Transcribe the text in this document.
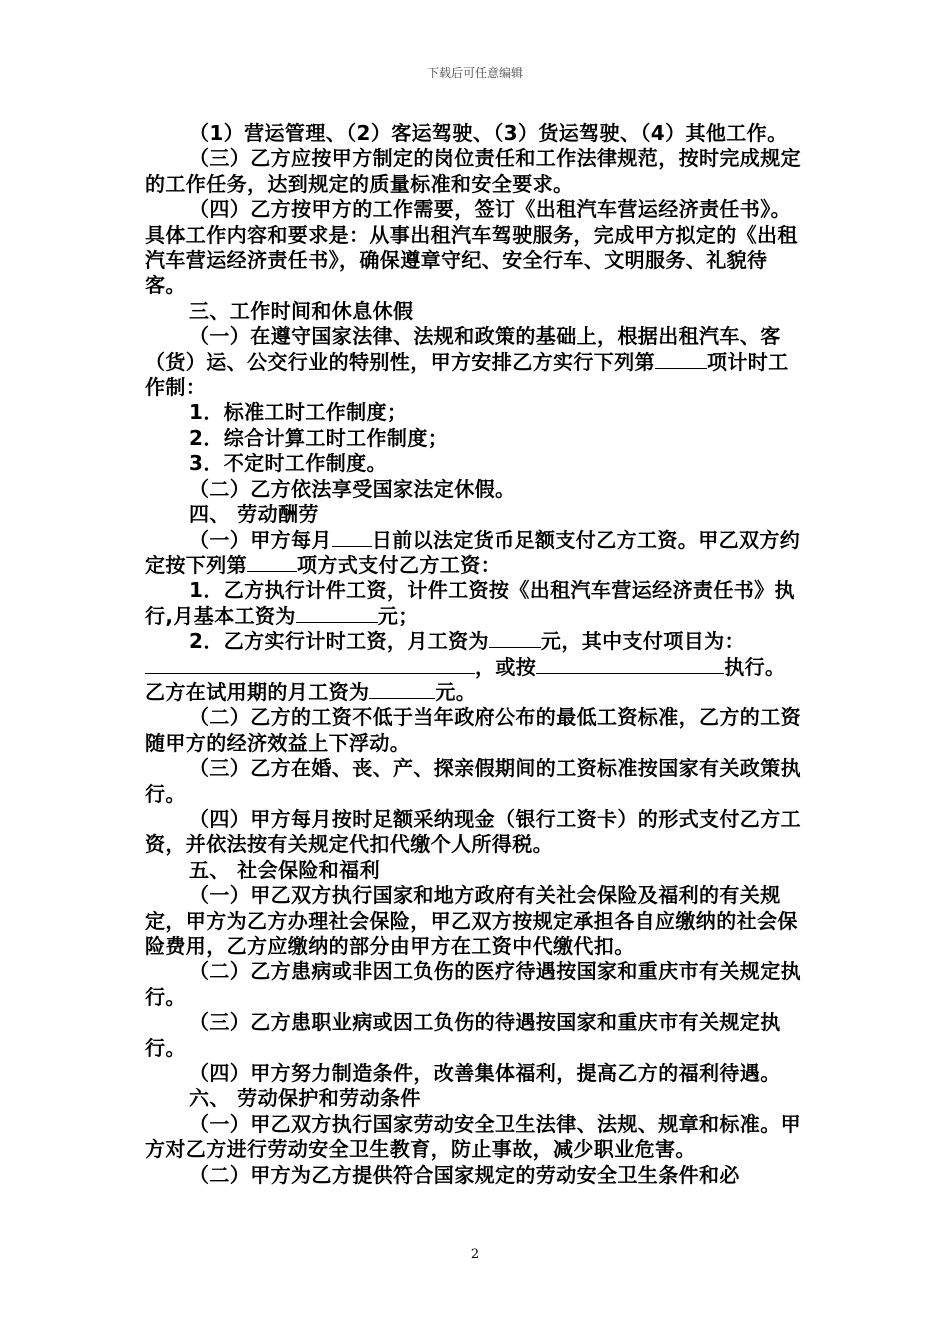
下载后可任意编辑

（1）营运管理、（2）客运驾驶、（3）货运驾驶、（4）其他工作。

（三）乙方应按甲方制定的岗位责任和工作法律规范，按时完成规定的工作任务，达到规定的质量标准和安全要求。

（四）乙方按甲方的工作需要，签订《出租汽车营运经济责任书》。具体工作内容和要求是：从事出租汽车驾驶服务，完成甲方拟定的《出租汽车营运经济责任书》，确保遵章守纪、安全行车、文明服务、礼貌待客。

三、工作时间和休息休假

（一）在遵守国家法律、法规和政策的基础上，根据出租汽车、客（货）运、公交行业的特别性，甲方安排乙方实行下列第	项计时工作制：

1．标准工时工作制度；

2．综合计算工时工作制度；

3．不定时工作制度。

（二）乙方依法享受国家法定休假。

四、 劳动酬劳

（一）甲方每月 日前以法定货币足额支付乙方工资。甲乙双方约定按下列第	项方式支付乙方工资：

1．乙方执行计件工资，计件工资按《出租汽车营运经济责任书》执行,月基本工资为	元；

2．乙方实行计时工资，月工资为	元，其中支付项目为：

，或按	执行。

乙方在试用期的月工资为	元。

（二）乙方的工资不低于当年政府公布的最低工资标准，乙方的工资随甲方的经济效益上下浮动。

（三）乙方在婚、丧、产、探亲假期间的工资标准按国家有关政策执行。

（四）甲方每月按时足额采纳现金（银行工资卡）的形式支付乙方工资，并依法按有关规定代扣代缴个人所得税。

五、 社会保险和福利

（一）甲乙双方执行国家和地方政府有关社会保险及福利的有关规定，甲方为乙方办理社会保险，甲乙双方按规定承担各自应缴纳的社会保险费用，乙方应缴纳的部分由甲方在工资中代缴代扣。

（二）乙方患病或非因工负伤的医疗待遇按国家和重庆市有关规定执行。

（三）乙方患职业病或因工负伤的待遇按国家和重庆市有关规定执行。

（四）甲方努力制造条件，改善集体福利，提高乙方的福利待遇。

六、 劳动保护和劳动条件

（一）甲乙双方执行国家劳动安全卫生法律、法规、规章和标准。甲方对乙方进行劳动安全卫生教育，防止事故，减少职业危害。

（二）甲方为乙方提供符合国家规定的劳动安全卫生条件和必

2
